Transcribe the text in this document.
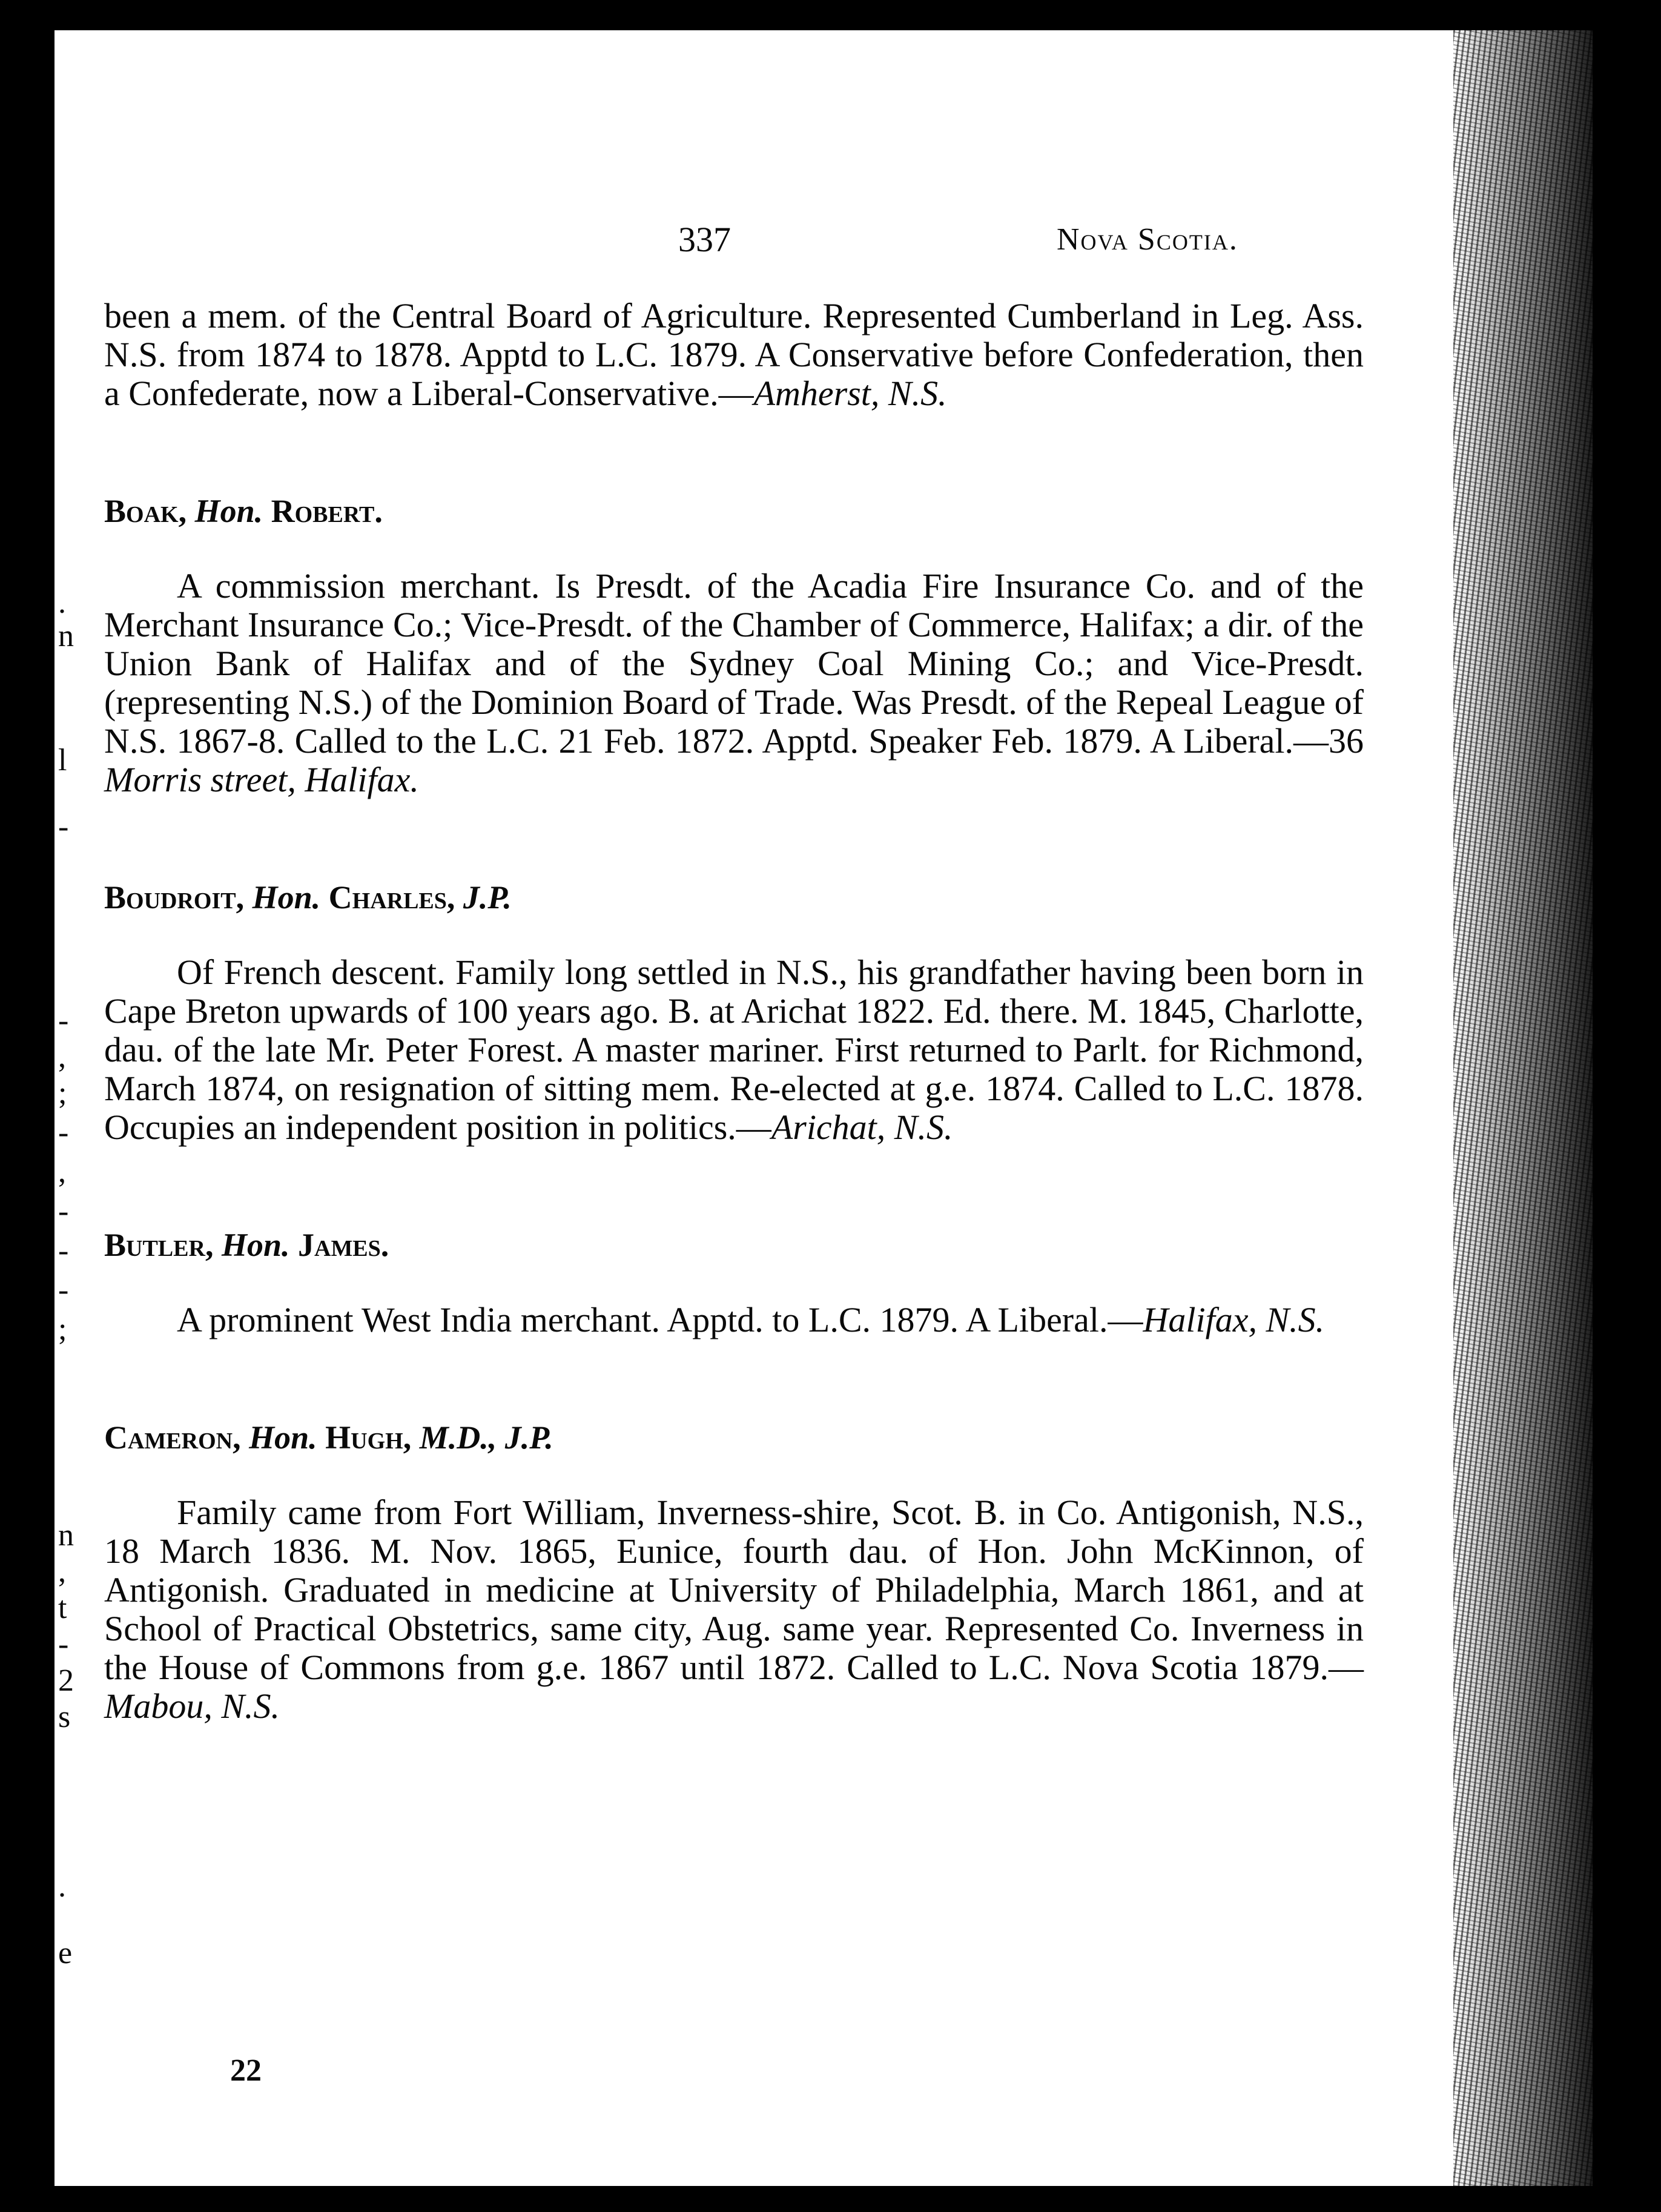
.
n
l
-
-
,
;
-
,
-
-
-
;
n
,
t
-
2
s
.
e
337	Nova Scotia.

been a mem. of the Central Board of Agriculture. Represented Cumberland in Leg. Ass. N.S. from 1874 to 1878. Apptd to L.C. 1879. A Conservative before Confederation, then a Confederate, now a Liberal-Conservative.—Amherst, N.S.

Boak, Hon. Robert.

A commission merchant. Is Presdt. of the Acadia Fire Insurance Co. and of the Merchant Insurance Co.; Vice-Presdt. of the Chamber of Commerce, Halifax; a dir. of the Union Bank of Halifax and of the Sydney Coal Mining Co.; and Vice-Presdt. (representing N.S.) of the Dominion Board of Trade. Was Presdt. of the Repeal League of N.S. 1867-8. Called to the L.C. 21 Feb. 1872. Apptd. Speaker Feb. 1879. A Liberal.—36 Morris street, Halifax.

Boudroit, Hon. Charles, J.P.

Of French descent. Family long settled in N.S., his grandfather having been born in Cape Breton upwards of 100 years ago. B. at Arichat 1822. Ed. there. M. 1845, Charlotte, dau. of the late Mr. Peter Forest. A master mariner. First returned to Parlt. for Richmond, March 1874, on resignation of sitting mem. Re-elected at g.e. 1874. Called to L.C. 1878. Occupies an independent position in politics.—Arichat, N.S.

Butler, Hon. James.

A prominent West India merchant. Apptd. to L.C. 1879. A Liberal.—Halifax, N.S.

Cameron, Hon. Hugh, M.D., J.P.

Family came from Fort William, Inverness-shire, Scot. B. in Co. Antigonish, N.S., 18 March 1836. M. Nov. 1865, Eunice, fourth dau. of Hon. John McKinnon, of Antigonish. Graduated in medicine at University of Philadelphia, March 1861, and at School of Practical Obstetrics, same city, Aug. same year. Represented Co. Inverness in the House of Commons from g.e. 1867 until 1872. Called to L.C. Nova Scotia 1879.—Mabou, N.S.

22
